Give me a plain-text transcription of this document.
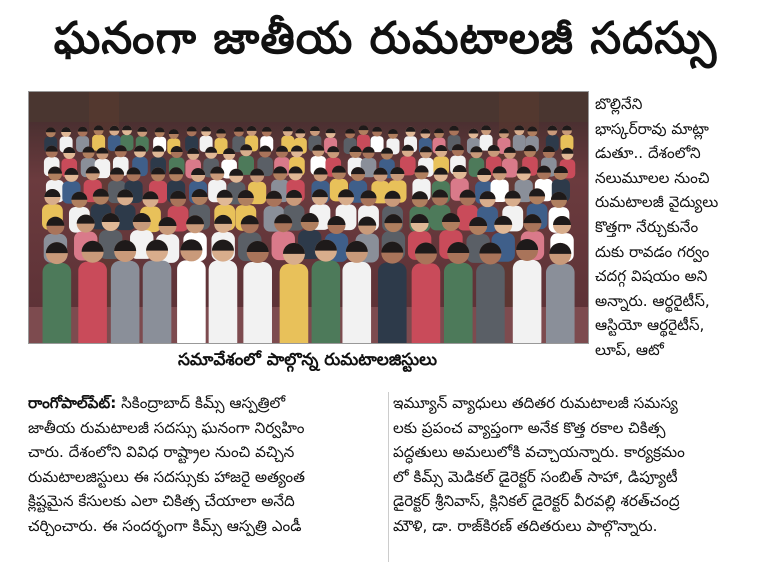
ఘనంగా జాతీయ రుమటాలజీ సదస్సు
సమావేశంలో పాల్గొన్న రుమటాలజిస్టులు
బొల్లినేని
భాస్కర్‌రావు మాట్లా
డుతూ.. దేశంలోని
నలుమూలల నుంచి
రుమటాలజీ వైద్యులు
కొత్తగా నేర్చుకునేం
దుకు రావడం గర్వం
చదగ్గ విషయం అని
అన్నారు. ఆర్థరైటీస్‌,
ఆస్టియో ఆర్థరైటీస్‌,
లూప్‌, ఆటో
రాంగోపాల్‌పేట్‌: సికింద్రాబాద్‌ కిమ్స్‌ ఆస్పత్రిలో
జాతీయ రుమటాలజీ సదస్సు ఘనంగా నిర్వహిం
చారు. దేశంలోని వివిధ రాష్ట్రాల నుంచి వచ్చిన
రుమటాలజిస్టులు ఈ సదస్సుకు హాజరై అత్యంత
క్లిష్టమైన కేసులకు ఎలా చికిత్స చేయాలా అనేది
చర్చించారు. ఈ సందర్భంగా కిమ్స్‌ ఆస్పత్రి ఎండీ
ఇమ్యూన్‌ వ్యాధులు తదితర రుమటాలజీ సమస్య
లకు ప్రపంచ వ్యాప్తంగా అనేక కొత్త రకాల చికిత్స
పద్ధతులు అమలులోకి వచ్చాయన్నారు. కార్యక్రమం
లో కిమ్స్‌ మెడికల్‌ డైరెక్టర్‌ సంబిత్‌ సాహా, డిప్యూటీ
డైరెక్టర్‌ శ్రీనివాస్‌, క్లినికల్‌ డైరెక్టర్‌ వీరవల్లి శరత్‌చంద్ర
మౌళి, డా. రాజ్‌కిరణ్‌ తదితరులు పాల్గొన్నారు.
